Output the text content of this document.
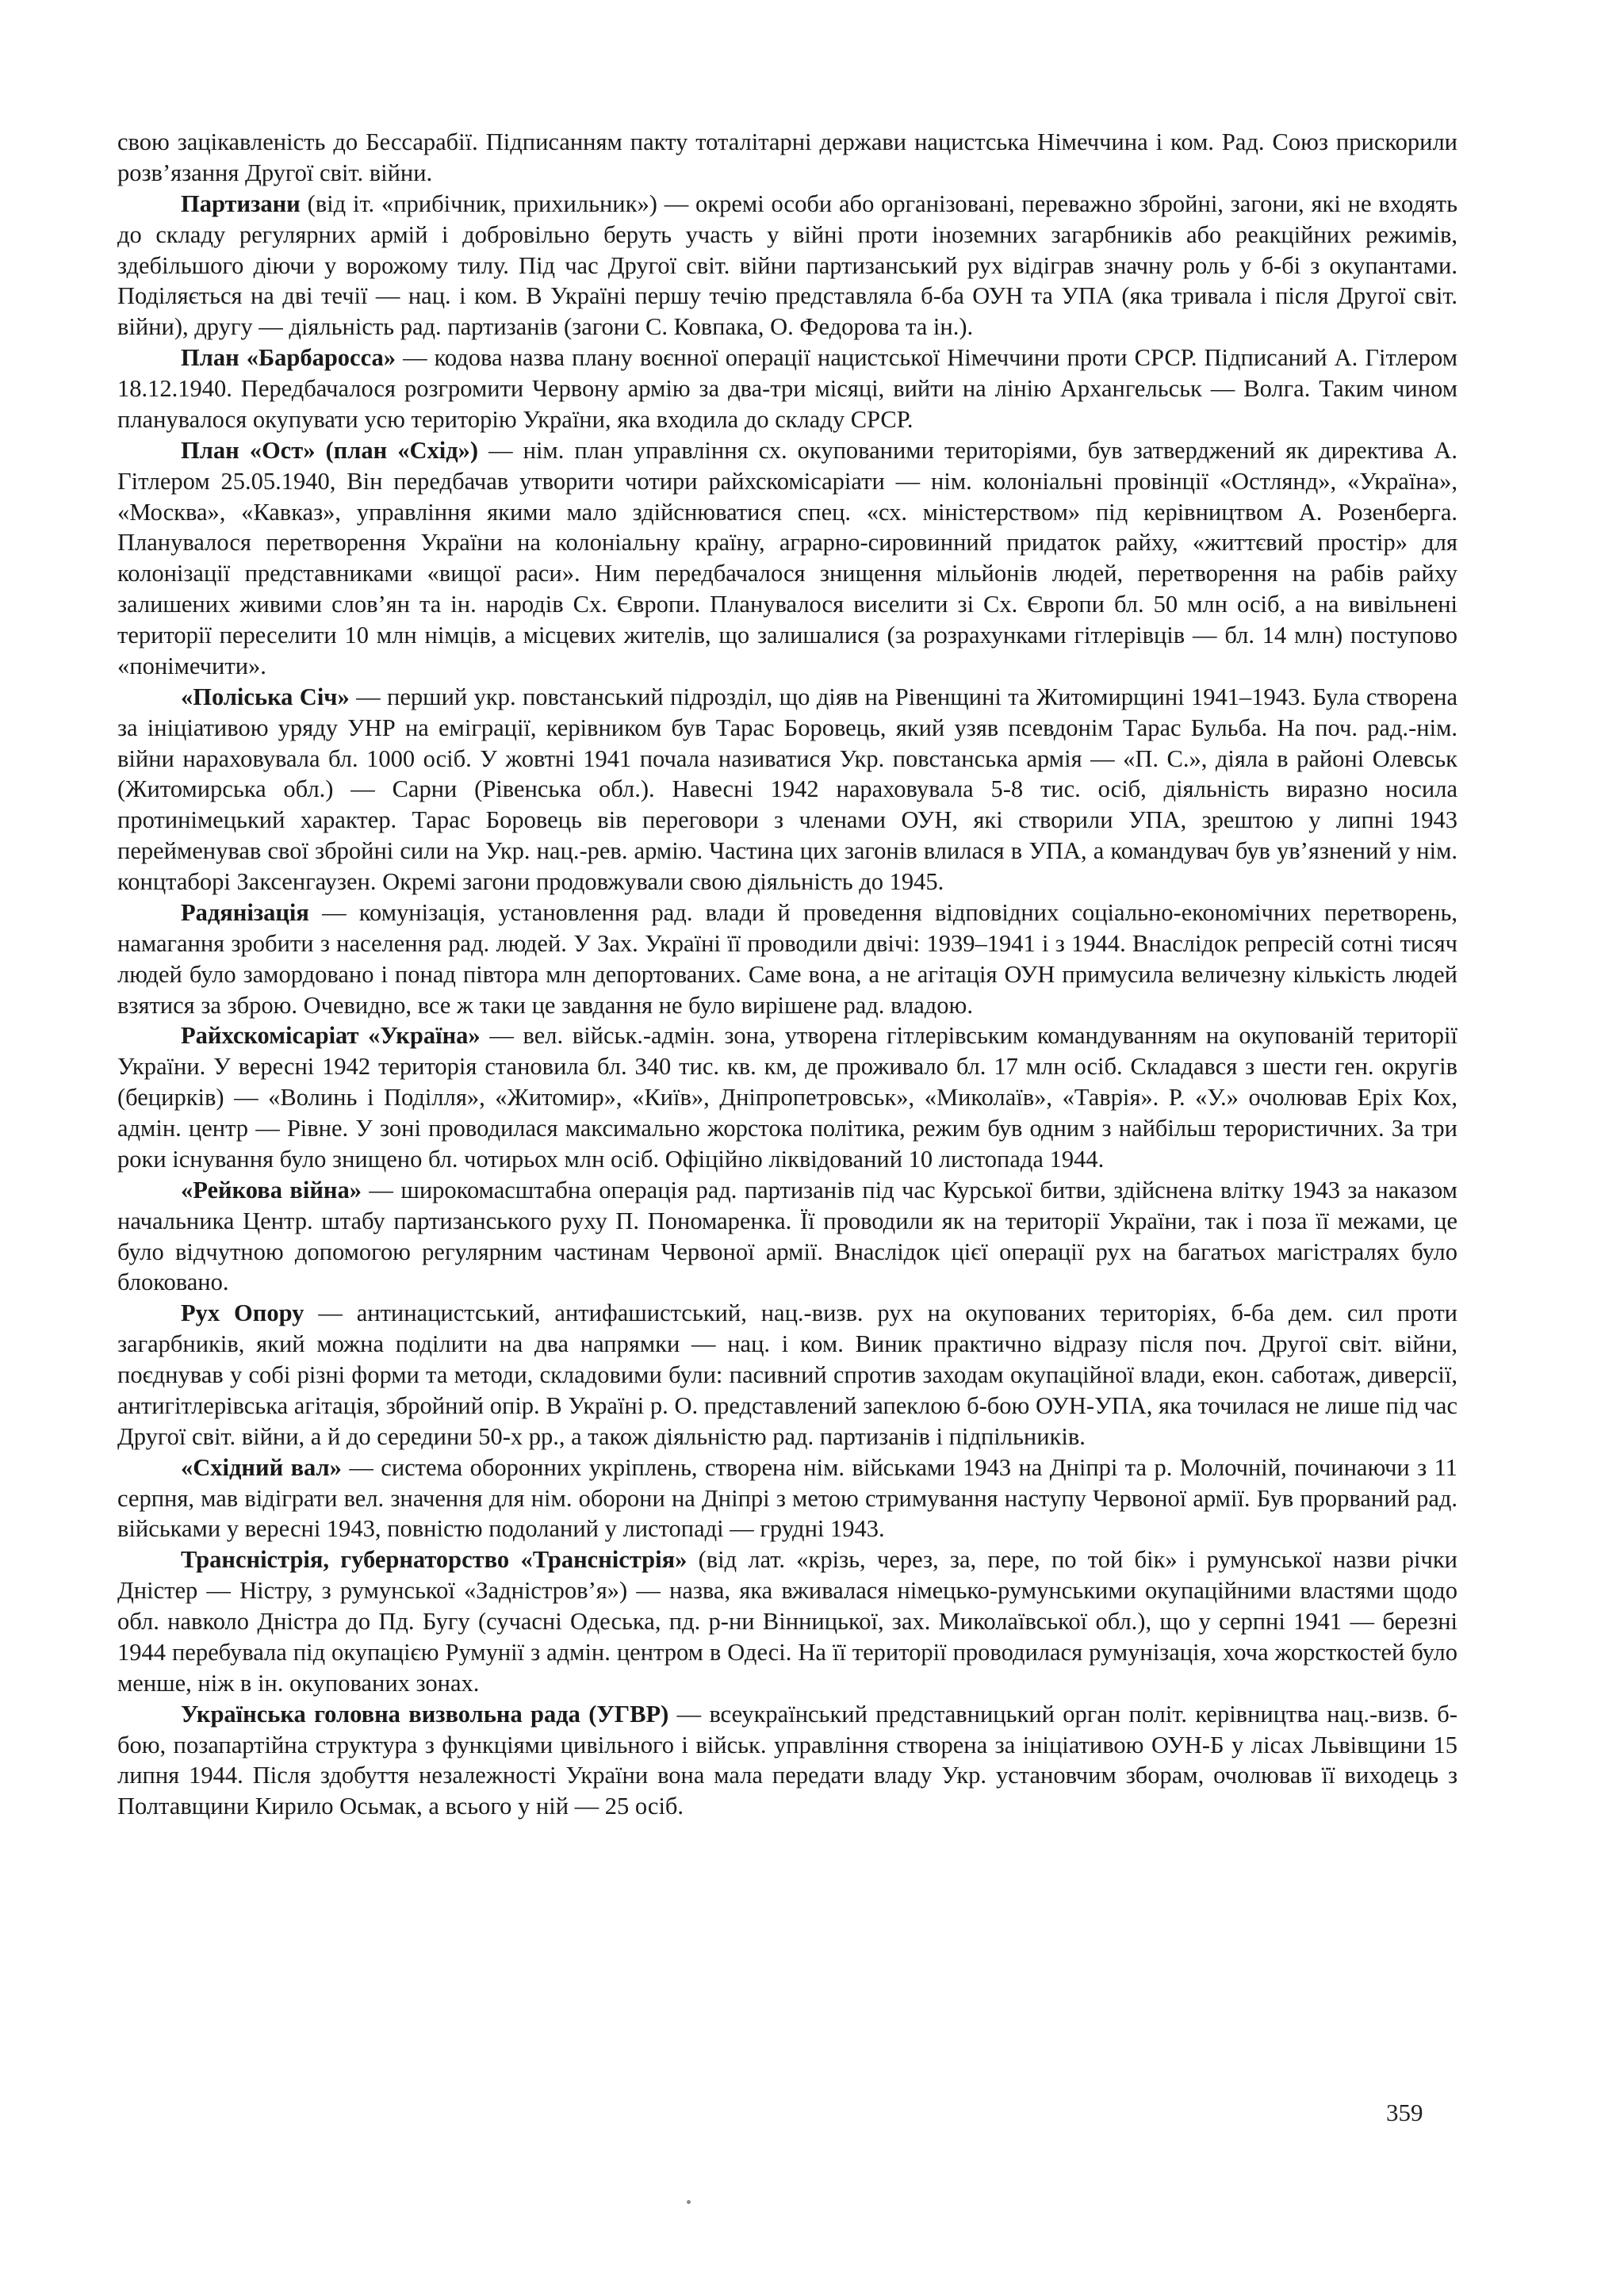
свою зацікавленість до Бессарабії. Підписанням пакту тоталітарні держави нацистська Німеччина і ком. Рад. Союз прискорили розв’язання Другої світ. війни.

Партизани (від іт. «прибічник, прихильник») — окремі особи або організовані, переважно збройні, загони, які не входять до складу регулярних армій і добровільно беруть участь у війні проти іноземних загарбників або реакційних режимів, здебільшого діючи у ворожому тилу. Під час Другої світ. війни партизанський рух відіграв значну роль у б-бі з окупантами. Поділяється на дві течії — нац. і ком. В Україні першу течію представляла б-ба ОУН та УПА (яка тривала і після Другої світ. війни), другу — діяльність рад. партизанів (загони С. Ковпака, О. Федорова та ін.).

План «Барбаросса» — кодова назва плану воєнної операції нацистської Німеччини проти СРСР. Підписаний А. Гітлером 18.12.1940. Передбачалося розгромити Червону армію за два-три місяці, вийти на лінію Архангельськ — Волга. Таким чином планувалося окупувати усю територію України, яка входила до складу СРСР.

План «Ост» (план «Схід») — нім. план управління сх. окупованими територіями, був затверджений як директива А. Гітлером 25.05.1940, Він передбачав утворити чотири райхскомісаріати — нім. колоніальні провінції «Остлянд», «Україна», «Москва», «Кавказ», управління якими мало здійснюватися спец. «сх. міністерством» під керівництвом А. Розенберга. Планувалося перетворення України на колоніальну країну, аграрно-сировинний придаток райху, «життєвий простір» для колонізації представниками «вищої раси». Ним передбачалося знищення мільйонів людей, перетворення на рабів райху залишених живими слов’ян та ін. народів Сх. Європи. Планувалося виселити зі Сх. Європи бл. 50 млн осіб, а на вивільнені території переселити 10 млн німців, а місцевих жителів, що залишалися (за розрахунками гітлерівців — бл. 14 млн) поступово «понімечити».

«Поліська Січ» — перший укр. повстанський підрозділ, що діяв на Рівенщині та Житомирщині 1941–1943. Була створена за ініціативою уряду УНР на еміграції, керівником був Тарас Боровець, який узяв псевдонім Тарас Бульба. На поч. рад.-нім. війни нараховувала бл. 1000 осіб. У жовтні 1941 почала називатися Укр. повстанська армія — «П. С.», діяла в районі Олевськ (Житомирська обл.) — Сарни (Рівенська обл.). Навесні 1942 нараховувала 5-8 тис. осіб, діяльність виразно носила протинімецький характер. Тарас Боровець вів переговори з членами ОУН, які створили УПА, зрештою у липні 1943 перейменував свої збройні сили на Укр. нац.-рев. армію. Частина цих загонів влилася в УПА, а командувач був ув’язнений у нім. концтаборі Заксенгаузен. Окремі загони продовжували свою діяльність до 1945.

Радянізація — комунізація, установлення рад. влади й проведення відповідних соціально-економічних перетворень, намагання зробити з населення рад. людей. У Зах. Україні її проводили двічі: 1939–1941 і з 1944. Внаслідок репресій сотні тисяч людей було замордовано і понад півтора млн депортованих. Саме вона, а не агітація ОУН примусила величезну кількість людей взятися за зброю. Очевидно, все ж таки це завдання не було вирішене рад. владою.

Райхскомісаріат «Україна» — вел. військ.-адмін. зона, утворена гітлерівським командуванням на окупованій території України. У вересні 1942 територія становила бл. 340 тис. кв. км, де проживало бл. 17 млн осіб. Складався з шести ген. округів (бецирків) — «Волинь і Поділля», «Житомир», «Київ», Дніпропетровськ», «Миколаїв», «Таврія». Р. «У.» очолював Еріх Кох, адмін. центр — Рівне. У зоні проводилася максимально жорстока політика, режим був одним з найбільш терористичних. За три роки існування було знищено бл. чотирьох млн осіб. Офіційно ліквідований 10 листопада 1944.

«Рейкова війна» — широкомасштабна операція рад. партизанів під час Курської битви, здійснена влітку 1943 за наказом начальника Центр. штабу партизанського руху П. Пономаренка. Її проводили як на території України, так і поза її межами, це було відчутною допомогою регулярним частинам Червоної армії. Внаслідок цієї операції рух на багатьох магістралях було блоковано.

Рух Опору — антинацистський, антифашистський, нац.-визв. рух на окупованих територіях, б-ба дем. сил проти загарбників, який можна поділити на два напрямки — нац. і ком. Виник практично відразу після поч. Другої світ. війни, поєднував у собі різні форми та методи, складовими були: пасивний спротив заходам окупаційної влади, екон. саботаж, диверсії, антигітлерівська агітація, збройний опір. В Україні р. О. представлений запеклою б-бою ОУН-УПА, яка точилася не лише під час Другої світ. війни, а й до середини 50-х рр., а також діяльністю рад. партизанів і підпільників.

«Східний вал» — система оборонних укріплень, створена нім. військами 1943 на Дніпрі та р. Молочній, починаючи з 11 серпня, мав відіграти вел. значення для нім. оборони на Дніпрі з метою стримування наступу Червоної армії. Був прорваний рад. військами у вересні 1943, повністю подоланий у листопаді — грудні 1943.

Трансністрія, губернаторство «Трансністрія» (від лат. «крізь, через, за, пере, по той бік» і румунської назви річки Дністер — Ністру, з румунської «Задністров’я») — назва, яка вживалася німецько-румунськими окупаційними властями щодо обл. навколо Дністра до Пд. Бугу (сучасні Одеська, пд. р-ни Вінницької, зах. Миколаївської обл.), що у серпні 1941 — березні 1944 перебувала під окупацією Румунії з адмін. центром в Одесі. На її території проводилася румунізація, хоча жорсткостей було менше, ніж в ін. окупованих зонах.

Українська головна визвольна рада (УГВР) — всеукраїнський представницький орган політ. керівництва нац.-визв. б-бою, позапартійна структура з функціями цивільного і військ. управління створена за ініціативою ОУН-Б у лісах Львівщини 15 липня 1944. Після здобуття незалежності України вона мала передати владу Укр. установчим зборам, очолював її виходець з Полтавщини Кирило Осьмак, а всього у ній — 25 осіб.

359
